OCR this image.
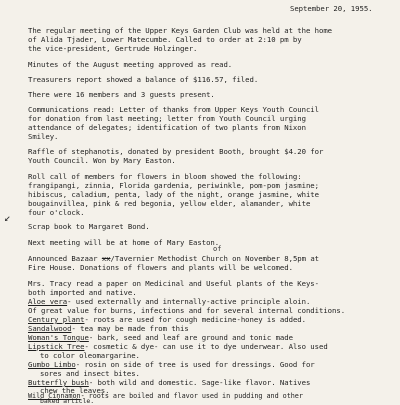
September 20, 1955.
The regular meeting of the Upper Keys Garden Club was held at the home
of Alida Tjader, Lower Matecumbe. Called to order at 2:10 pm by
the vice-president, Gertrude Holzinger.
Minutes of the August meeting approved as read.
Treasurers report showed a balance of $116.57, filed.
There were 16 members and 3 guests present.
Communications read: Letter of thanks from Upper Keys Youth Council
for donation from last meeting; letter from Youth Council urging
attendance of delegates; identification of two plants from Nixon
Smiley.
Raffle of stephanotis, donated by president Booth, brought $4.20 for
Youth Council. Won by Mary Easton.
Roll call of members for flowers in bloom showed the following:
frangipangi, zinnia, Florida gardenia, periwinkle, pom-pom jasmine;
hibiscus, caladium, penta, lady of the night, orange jasmine, white
bougainvillea, pink & red begonia, yellow elder, alamander, white
four o'clock.
↙
Scrap book to Margaret Bond.
Next meeting will be at home of Mary Easton.
of
Announced Bazaar xx/Tavernier Methodist Church on November 8,5pm at
Fire House. Donations of flowers and plants will be welcomed.
Mrs. Tracy read a paper on Medicinal and Useful plants of the Keys-
both imported and native.
Aloe vera- used externally and internally-active principle aloin.
Of great value for burns, infections and for several internal conditions.
Century plant- roots are used for cough medicine-honey is added.
Sandalwood- tea may be made from this
Woman's Tongue- bark, seed and leaf are ground and tonic made
Lipstick Tree- cosmetic & dye- can use it to dye underwear. Also used
to color oleomargarine.
Gumbo Limbo- rosin on side of tree is used for dressings. Good for
sores and insect bites.
Butterfly bush- both wild and domestic. Sage-like flavor. Natives
chew the leaves.
Wild Cinnamon- roots are boiled and flavor used in pudding and other
baked article.
